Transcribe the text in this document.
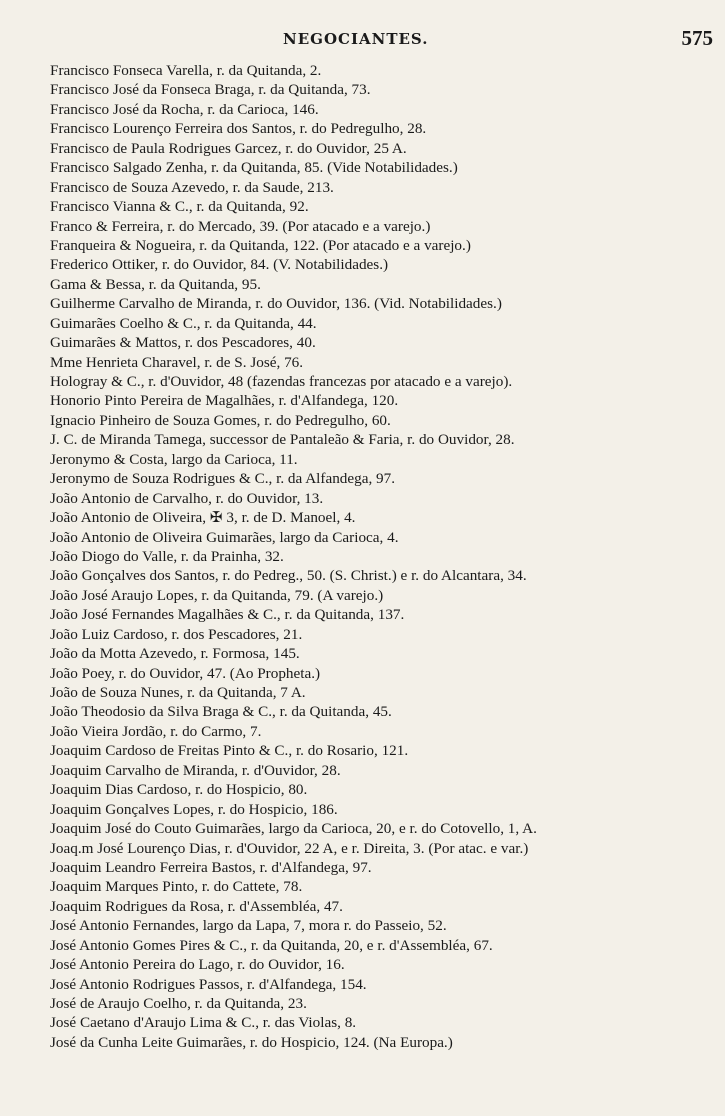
NEGOCIANTES.	575
Francisco Fonseca Varella, r. da Quitanda, 2.
Francisco José da Fonseca Braga, r. da Quitanda, 73.
Francisco José da Rocha, r. da Carioca, 146.
Francisco Lourenço Ferreira dos Santos, r. do Pedregulho, 28.
Francisco de Paula Rodrigues Garcez, r. do Ouvidor, 25 A.
Francisco Salgado Zenha, r. da Quitanda, 85. (Vide Notabilidades.)
Francisco de Souza Azevedo, r. da Saude, 213.
Francisco Vianna & C., r. da Quitanda, 92.
Franco & Ferreira, r. do Mercado, 39. (Por atacado e a varejo.)
Franqueira & Nogueira, r. da Quitanda, 122. (Por atacado e a varejo.)
Frederico Ottiker, r. do Ouvidor, 84. (V. Notabilidades.)
Gama & Bessa, r. da Quitanda, 95.
Guilherme Carvalho de Miranda, r. do Ouvidor, 136. (Vid. Notabilidades.)
Guimarães Coelho & C., r. da Quitanda, 44.
Guimarães & Mattos, r. dos Pescadores, 40.
Mme Henrieta Charavel, r. de S. José, 76.
Hologray & C., r. d'Ouvidor, 48 (fazendas francezas por atacado e a varejo).
Honorio Pinto Pereira de Magalhães, r. d'Alfandega, 120.
Ignacio Pinheiro de Souza Gomes, r. do Pedregulho, 60.
J. C. de Miranda Tamega, successor de Pantaleão & Faria, r. do Ouvidor, 28.
Jeronymo & Costa, largo da Carioca, 11.
Jeronymo de Souza Rodrigues & C., r. da Alfandega, 97.
João Antonio de Carvalho, r. do Ouvidor, 13.
João Antonio de Oliveira, ✠ 3, r. de D. Manoel, 4.
João Antonio de Oliveira Guimarães, largo da Carioca, 4.
João Diogo do Valle, r. da Prainha, 32.
João Gonçalves dos Santos, r. do Pedreg., 50. (S. Christ.) e r. do Alcantara, 34.
João José Araujo Lopes, r. da Quitanda, 79. (A varejo.)
João José Fernandes Magalhães & C., r. da Quitanda, 137.
João Luiz Cardoso, r. dos Pescadores, 21.
João da Motta Azevedo, r. Formosa, 145.
João Poey, r. do Ouvidor, 47. (Ao Propheta.)
João de Souza Nunes, r. da Quitanda, 7 A.
João Theodosio da Silva Braga & C., r. da Quitanda, 45.
João Vieira Jordão, r. do Carmo, 7.
Joaquim Cardoso de Freitas Pinto & C., r. do Rosario, 121.
Joaquim Carvalho de Miranda, r. d'Ouvidor, 28.
Joaquim Dias Cardoso, r. do Hospicio, 80.
Joaquim Gonçalves Lopes, r. do Hospicio, 186.
Joaquim José do Couto Guimarães, largo da Carioca, 20, e r. do Cotovello, 1, A.
Joaq.m José Lourenço Dias, r. d'Ouvidor, 22 A, e r. Direita, 3. (Por atac. e var.)
Joaquim Leandro Ferreira Bastos, r. d'Alfandega, 97.
Joaquim Marques Pinto, r. do Cattete, 78.
Joaquim Rodrigues da Rosa, r. d'Assembléa, 47.
José Antonio Fernandes, largo da Lapa, 7, mora r. do Passeio, 52.
José Antonio Gomes Pires & C., r. da Quitanda, 20, e r. d'Assembléa, 67.
José Antonio Pereira do Lago, r. do Ouvidor, 16.
José Antonio Rodrigues Passos, r. d'Alfandega, 154.
José de Araujo Coelho, r. da Quitanda, 23.
José Caetano d'Araujo Lima & C., r. das Violas, 8.
José da Cunha Leite Guimarães, r. do Hospicio, 124. (Na Europa.)
